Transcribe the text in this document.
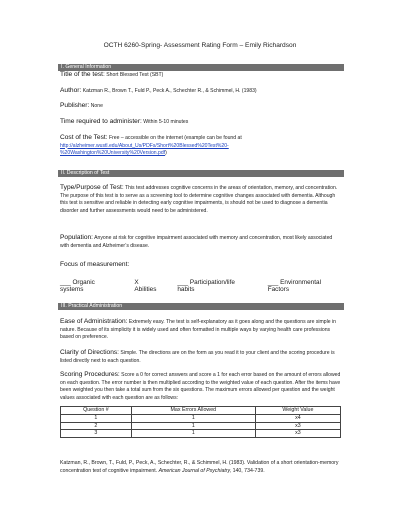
OCTH 6260-Spring- Assessment Rating Form – Emily Richardson
I. General Information
Title of the test: Short Blessed Test (SBT)
Author: Katzman R., Brown T., Fuld P., Peck A., Schechter R., & Schimmel, H. (1983)
Publisher: None
Time required to administer: Within 5-10 minutes
Cost of the Test: Free – accessible on the internet (example can be found at
http://alzheimer.wustl.edu/About_Us/PDFs/Short%20Blessed%20Test%20-
%20Washington%20University%20Version.pdf)
II. Description of Test
Type/Purpose of Test: This test addresses cognitive concerns in the areas of orientation, memory, and concentration. The purpose of this test is to serve as a screening tool to determine cognitive changes associated with dementia. Although this test is sensitive and reliable in detecting early cognitive impairments, is should not be used to diagnose a dementia disorder and further assessments would need to be administered.
Population: Anyone at risk for cognitive impairment associated with memory and concentration, most likely associated with dementia and Alzheimer’s disease.
Focus of measurement:
___ Organic systems
X Abilities
___ Participation/life habits
___ Environmental Factors
III. Practical Administration
Ease of Administration: Extremely easy. The test is self-explanatory as it goes along and the questions are simple in nature. Because of its simplicity it is widely used and often formatted in multiple ways by varying health care professions based on preference.
Clarity of Directions: Simple. The directions are on the form as you read it to your client and the scoring procedure is listed directly next to each question.
Scoring Procedures: Score a 0 for correct answers and score a 1 for each error based on the amount of errors allowed on each question. The error number is then multiplied according to the weighted value of each question. After the items have been weighted you then take a total sum from the six questions. The maximum errors allowed per question and the weight values associated with each question are as follows:
Question #	Max Errors Allowed	Weight Value
1	1	x4
2	1	x3
3	1	x3
Katzman, R., Brown, T., Fuld, P., Peck, A., Schechter, R., & Schimmel, H. (1983). Validation of a short orientation-memory concentration test of cognitive impairment. American Journal of Psychiatry, 140, 734-739.
